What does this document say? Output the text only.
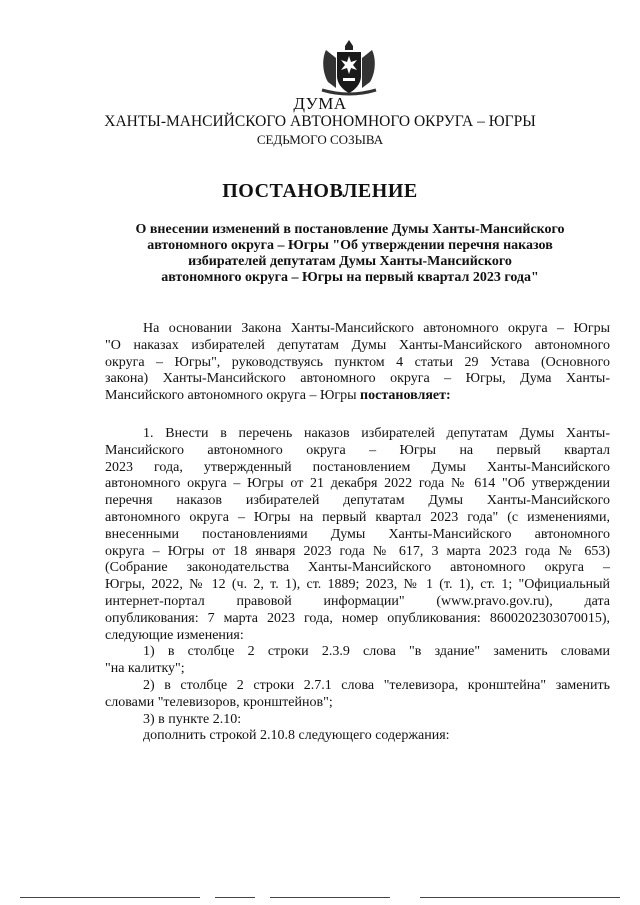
ДУМА
ХАНТЫ-МАНСИЙСКОГО АВТОНОМНОГО ОКРУГА – ЮГРЫ
СЕДЬМОГО СОЗЫВА
ПОСТАНОВЛЕНИЕ
О внесении изменений в постановление Думы Ханты-Мансийского
автономного округа – Югры "Об утверждении перечня наказов
избирателей депутатам Думы Ханты-Мансийского
автономного округа – Югры на первый квартал 2023 года"
На основании Закона Ханты-Мансийского автономного округа – Югры
"О наказах избирателей депутатам Думы Ханты-Мансийского автономного
округа – Югры", руководствуясь пунктом 4 статьи 29 Устава (Основного
закона) Ханты-Мансийского автономного округа – Югры, Дума Ханты-
Мансийского автономного округа – Югры постановляет:
1. Внести в перечень наказов избирателей депутатам Думы Ханты-
Мансийского автономного округа – Югры на первый квартал
2023 года, утвержденный постановлением Думы Ханты-Мансийского
автономного округа – Югры от 21 декабря 2022 года № 614 "Об утверждении
перечня наказов избирателей депутатам Думы Ханты-Мансийского
автономного округа – Югры на первый квартал 2023 года" (с изменениями,
внесенными постановлениями Думы Ханты-Мансийского автономного
округа – Югры от 18 января 2023 года № 617, 3 марта 2023 года № 653)
(Собрание законодательства Ханты-Мансийского автономного округа –
Югры, 2022, № 12 (ч. 2, т. 1), ст. 1889; 2023, № 1 (т. 1), ст. 1; "Официальный
интернет-портал правовой информации" (www.pravo.gov.ru), дата
опубликования: 7 марта 2023 года, номер опубликования: 8600202303070015),
следующие изменения:
1) в столбце 2 строки 2.3.9 слова "в здание" заменить словами
"на калитку";
2) в столбце 2 строки 2.7.1 слова "телевизора, кронштейна" заменить
словами "телевизоров, кронштейнов";
3) в пункте 2.10:
дополнить строкой 2.10.8 следующего содержания:
